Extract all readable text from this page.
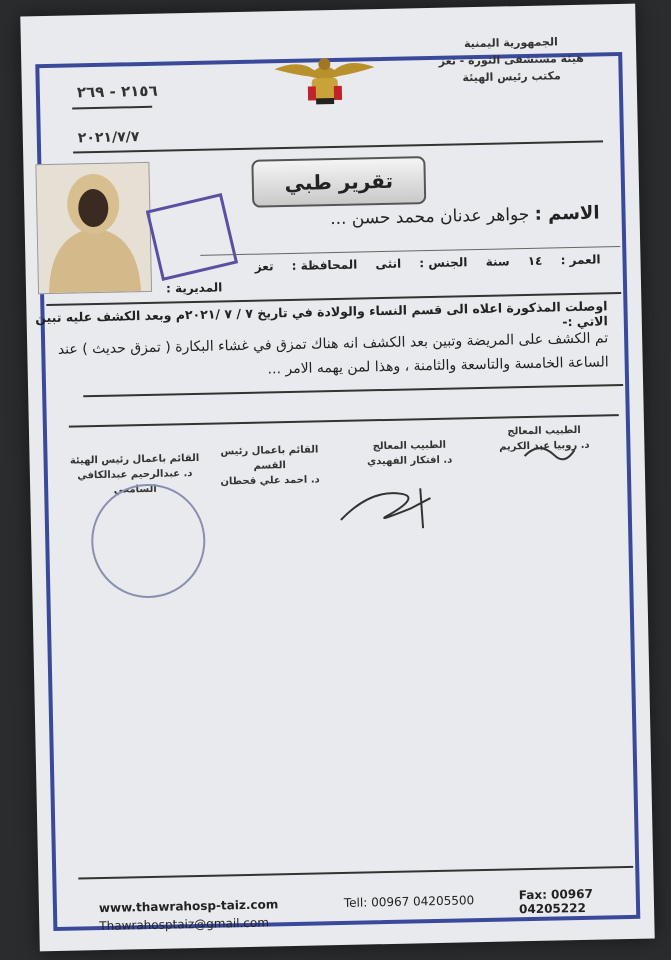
الجمهورية اليمنية
هيئة مستشفى الثورة - تعز
مكتب رئيس الهيئة
٢١٥٦ - ٢٦٩
٢٠٢١/٧/٧
تقرير طبي
الاسم : جواهر عدنان محمد حسن ...
العمر : ١٤ سنة الجنس : انثى المحافظة : تعز
المديرية :
اوصلت المذكورة اعلاه الى قسم النساء والولادة في تاريخ ٧ / ٧ /٢٠٢١م وبعد الكشف عليه تبين الاتي :-
تم الكشف على المريضة وتبين بعد الكشف انه هناك تمزق في غشاء البكارة ( تمزق حديث ) عند الساعة الخامسة والتاسعة والثامنة ، وهذا لمن يهمه الامر ...
الطبيب المعالج
د. روبيا عبد الكريم
الطبيب المعالج
د. افتكار الفهيدي
القائم باعمال رئيس القسم
د. احمد علي قحطان
القائم باعمال رئيس الهيئة
د. عبدالرحيم عبدالكافي السامعي
www.thawrahosp-taiz.com
Thawrahosptaiz@gmail.com
Tell: 00967 04205500	Fax: 00967 04205222
